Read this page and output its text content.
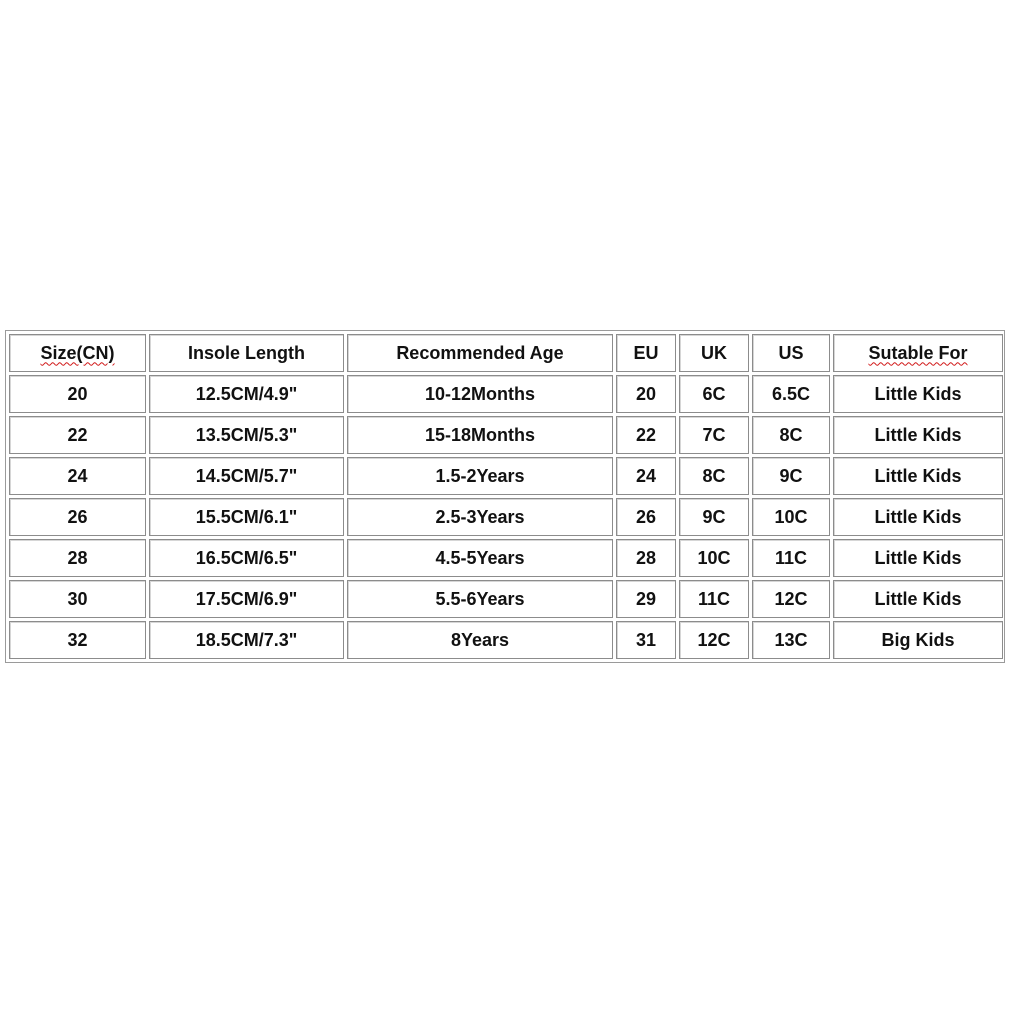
Size(CN)	Insole Length	Recommended Age	EU	UK	US	Sutable For
20	12.5CM/4.9"	10-12Months	20	6C	6.5C	Little Kids
22	13.5CM/5.3"	15-18Months	22	7C	8C	Little Kids
24	14.5CM/5.7"	1.5-2Years	24	8C	9C	Little Kids
26	15.5CM/6.1"	2.5-3Years	26	9C	10C	Little Kids
28	16.5CM/6.5"	4.5-5Years	28	10C	11C	Little Kids
30	17.5CM/6.9"	5.5-6Years	29	11C	12C	Little Kids
32	18.5CM/7.3"	8Years	31	12C	13C	Big Kids
